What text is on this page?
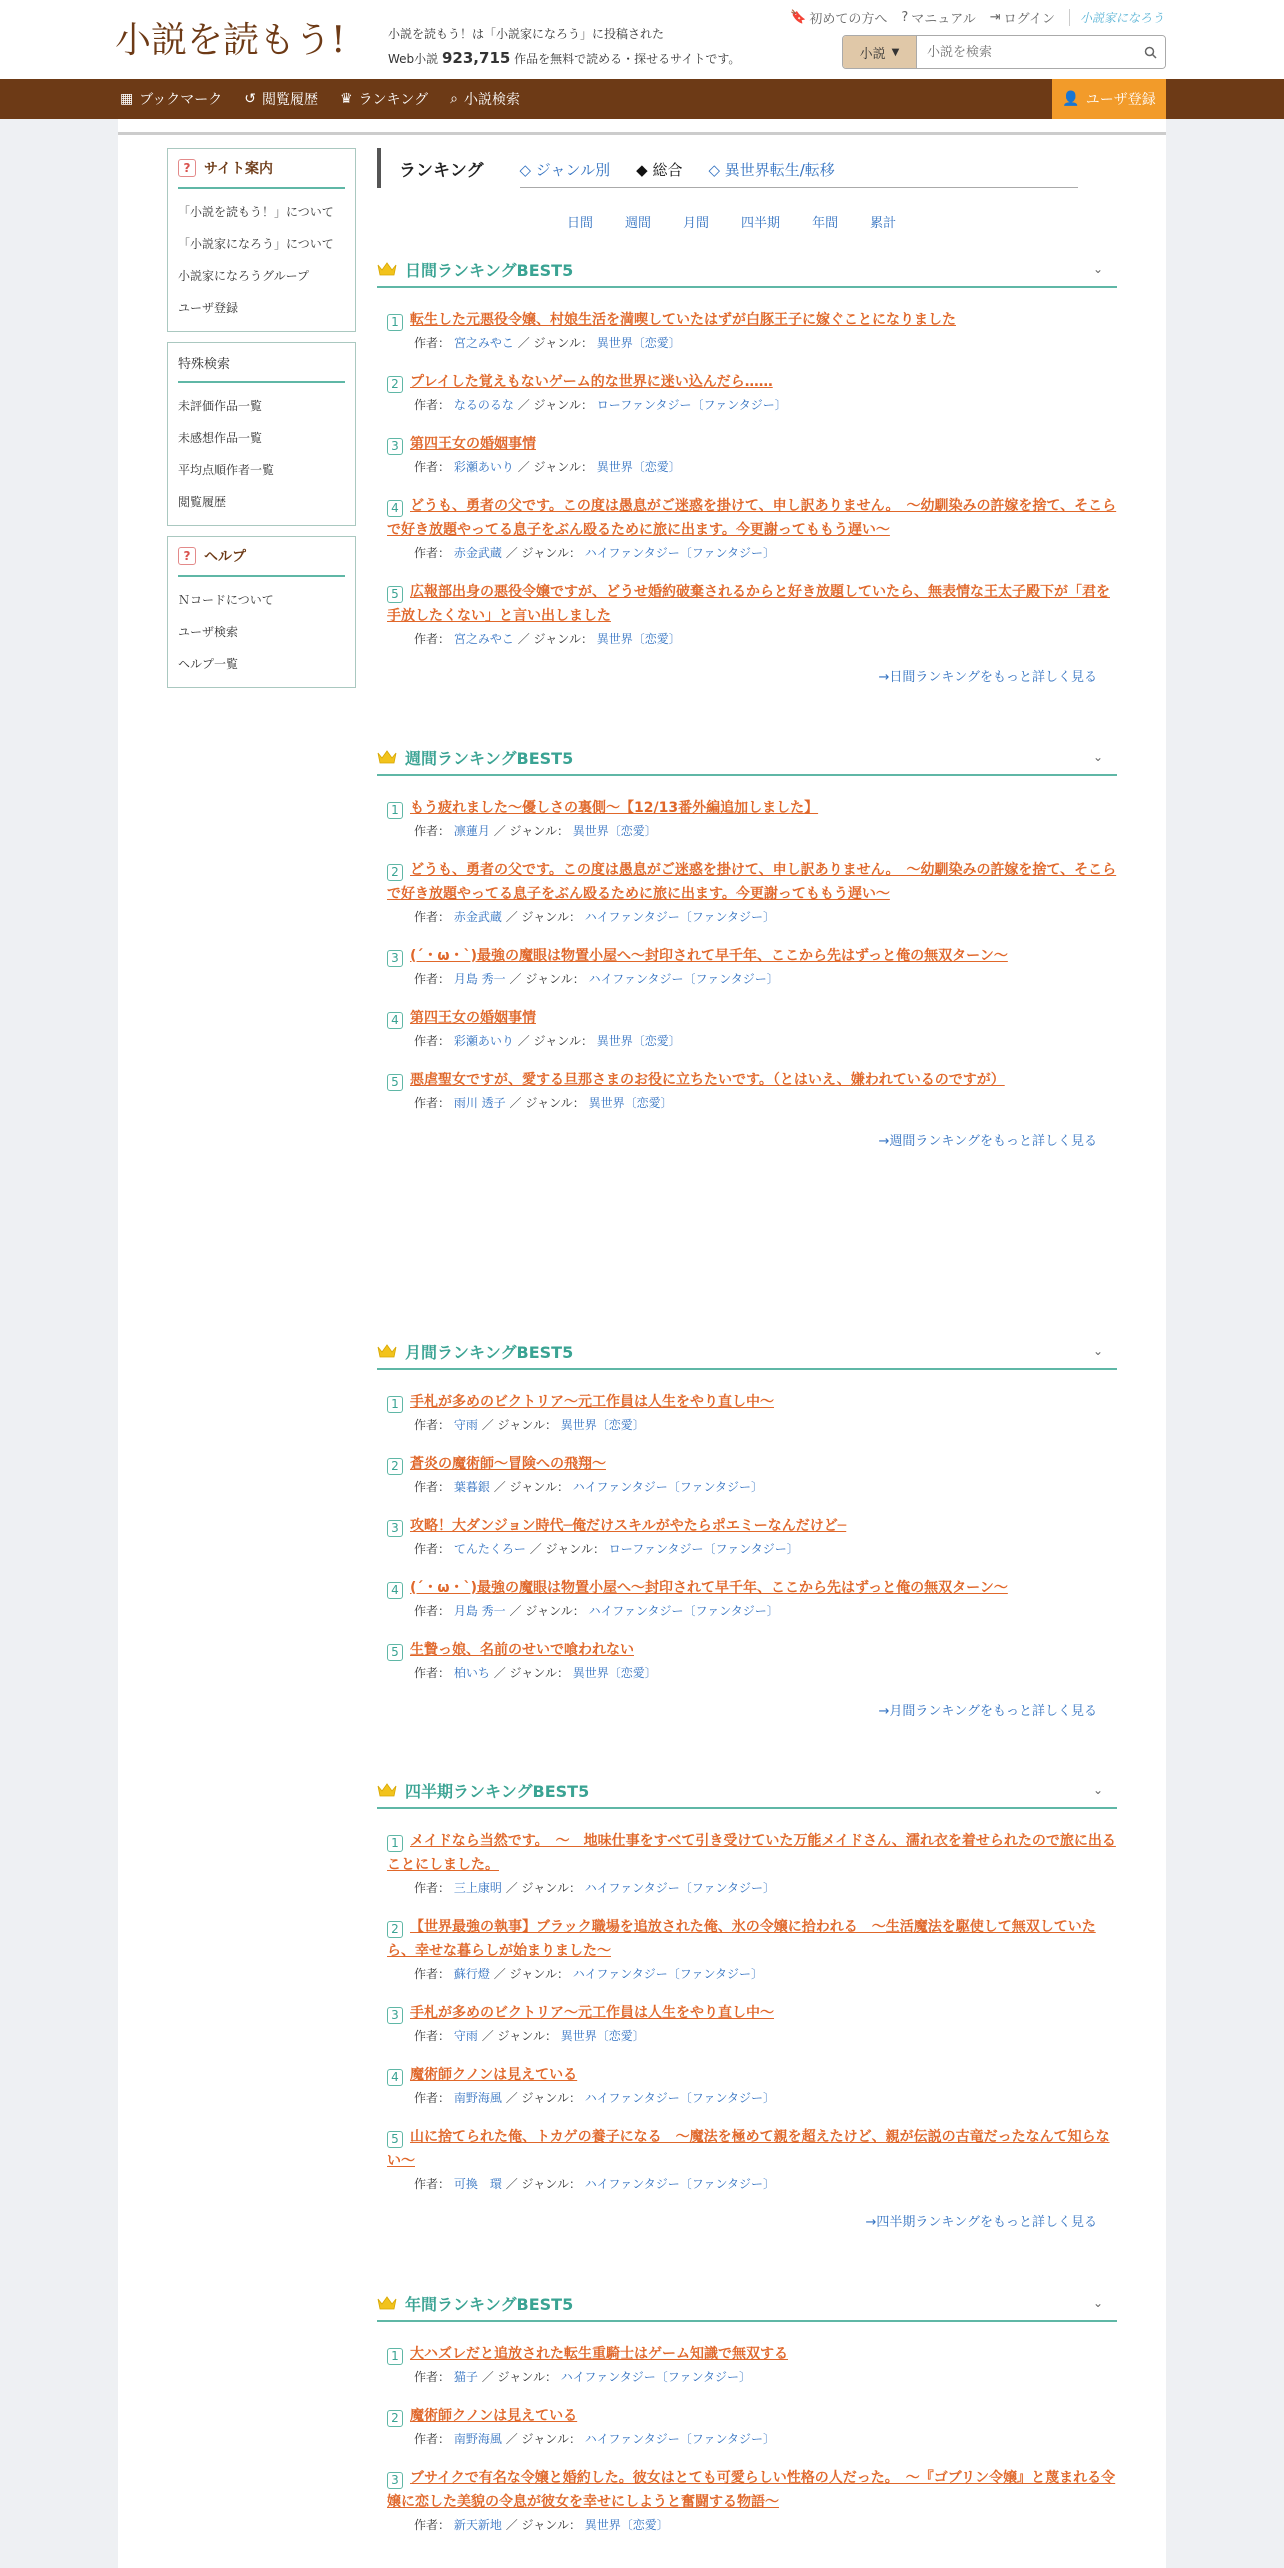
小説を読もう!	小説を読もう！は「小説家になろう」に投稿された
Web小説 923,715 作品を無料で読める・探せるサイトです。
🔖 初めての方へ ? マニュアル ⇥ ログイン	小説家になろう
小説 ▼
小説を検索
▦ ブックマーク ↺ 閲覧履歴 ♛ ランキング ⌕ 小説検索	👤 ユーザ登録
? サイト案内
「小説を読もう！」について
「小説家になろう」について
小説家になろうグループ
ユーザ登録
特殊検索
未評価作品一覧
未感想作品一覧
平均点順作者一覧
閲覧履歴
? ヘルプ
Ｎコードについて
ユーザ検索
ヘルプ一覧
ランキング ◇ ジャンル別 ◆ 総合 ◇ 異世界転生/転移
日間 週間 月間 四半期 年間 累計
日間ランキングBEST5	⌄
1 転生した元悪役令嬢、村娘生活を満喫していたはずが白豚王子に嫁ぐことになりました
作者： 宮之みやこ ／ ジャンル： 異世界〔恋愛〕
2 プレイした覚えもないゲーム的な世界に迷い込んだら……
作者： なるのるな ／ ジャンル： ローファンタジー〔ファンタジー〕
3 第四王女の婚姻事情
作者： 彩瀬あいり ／ ジャンル： 異世界〔恋愛〕
4 どうも、勇者の父です。この度は愚息がご迷惑を掛けて、申し訳ありません。　～幼馴染みの許嫁を捨て、そこらで好き放題やってる息子をぶん殴るために旅に出ます。今更謝ってももう遅い～
作者： 赤金武蔵 ／ ジャンル： ハイファンタジー〔ファンタジー〕
5 広報部出身の悪役令嬢ですが、どうせ婚約破棄されるからと好き放題していたら、無表情な王太子殿下が「君を手放したくない」と言い出しました
作者： 宮之みやこ ／ ジャンル： 異世界〔恋愛〕
→日間ランキングをもっと詳しく見る
週間ランキングBEST5	⌄
1 もう疲れました〜優しさの裏側〜【12/13番外編追加しました】
作者： 凛蓮月 ／ ジャンル： 異世界〔恋愛〕
2 どうも、勇者の父です。この度は愚息がご迷惑を掛けて、申し訳ありません。　～幼馴染みの許嫁を捨て、そこらで好き放題やってる息子をぶん殴るために旅に出ます。今更謝ってももう遅い～
作者： 赤金武蔵 ／ ジャンル： ハイファンタジー〔ファンタジー〕
3 (´・ω・`)最強の魔眼は物置小屋へ～封印されて早千年、ここから先はずっと俺の無双ターン～
作者： 月島 秀一 ／ ジャンル： ハイファンタジー〔ファンタジー〕
4 第四王女の婚姻事情
作者： 彩瀬あいり ／ ジャンル： 異世界〔恋愛〕
5 悪虐聖女ですが、愛する旦那さまのお役に立ちたいです。（とはいえ、嫌われているのですが）
作者： 雨川 透子 ／ ジャンル： 異世界〔恋愛〕
→週間ランキングをもっと詳しく見る
月間ランキングBEST5	⌄
1 手札が多めのビクトリア〜元工作員は人生をやり直し中〜
作者： 守雨 ／ ジャンル： 異世界〔恋愛〕
2 蒼炎の魔術師〜冒険への飛翔〜
作者： 葉暮銀 ／ ジャンル： ハイファンタジー〔ファンタジー〕
3 攻略！大ダンジョン時代─俺だけスキルがやたらポエミーなんだけど─
作者： てんたくろー ／ ジャンル： ローファンタジー〔ファンタジー〕
4 (´・ω・`)最強の魔眼は物置小屋へ～封印されて早千年、ここから先はずっと俺の無双ターン～
作者： 月島 秀一 ／ ジャンル： ハイファンタジー〔ファンタジー〕
5 生贄っ娘、名前のせいで喰われない
作者： 柏いち ／ ジャンル： 異世界〔恋愛〕
→月間ランキングをもっと詳しく見る
四半期ランキングBEST5	⌄
1 メイドなら当然です。　～　地味仕事をすべて引き受けていた万能メイドさん、濡れ衣を着せられたので旅に出ることにしました。
作者： 三上康明 ／ ジャンル： ハイファンタジー〔ファンタジー〕
2 【世界最強の執事】ブラック職場を追放された俺、氷の令嬢に拾われる　～生活魔法を駆使して無双していたら、幸せな暮らしが始まりました～
作者： 蘇行燈 ／ ジャンル： ハイファンタジー〔ファンタジー〕
3 手札が多めのビクトリア〜元工作員は人生をやり直し中〜
作者： 守雨 ／ ジャンル： 異世界〔恋愛〕
4 魔術師クノンは見えている
作者： 南野海風 ／ ジャンル： ハイファンタジー〔ファンタジー〕
5 山に捨てられた俺、トカゲの養子になる　～魔法を極めて親を超えたけど、親が伝説の古竜だったなんて知らない～
作者： 可換　環 ／ ジャンル： ハイファンタジー〔ファンタジー〕
→四半期ランキングをもっと詳しく見る
年間ランキングBEST5	⌄
1 大ハズレだと追放された転生重騎士はゲーム知識で無双する
作者： 猫子 ／ ジャンル： ハイファンタジー〔ファンタジー〕
2 魔術師クノンは見えている
作者： 南野海風 ／ ジャンル： ハイファンタジー〔ファンタジー〕
3 ブサイクで有名な令嬢と婚約した。彼女はとても可愛らしい性格の人だった。　～『ゴブリン令嬢』と蔑まれる令嬢に恋した美貌の令息が彼女を幸せにしようと奮闘する物語～
作者： 新天新地 ／ ジャンル： 異世界〔恋愛〕
